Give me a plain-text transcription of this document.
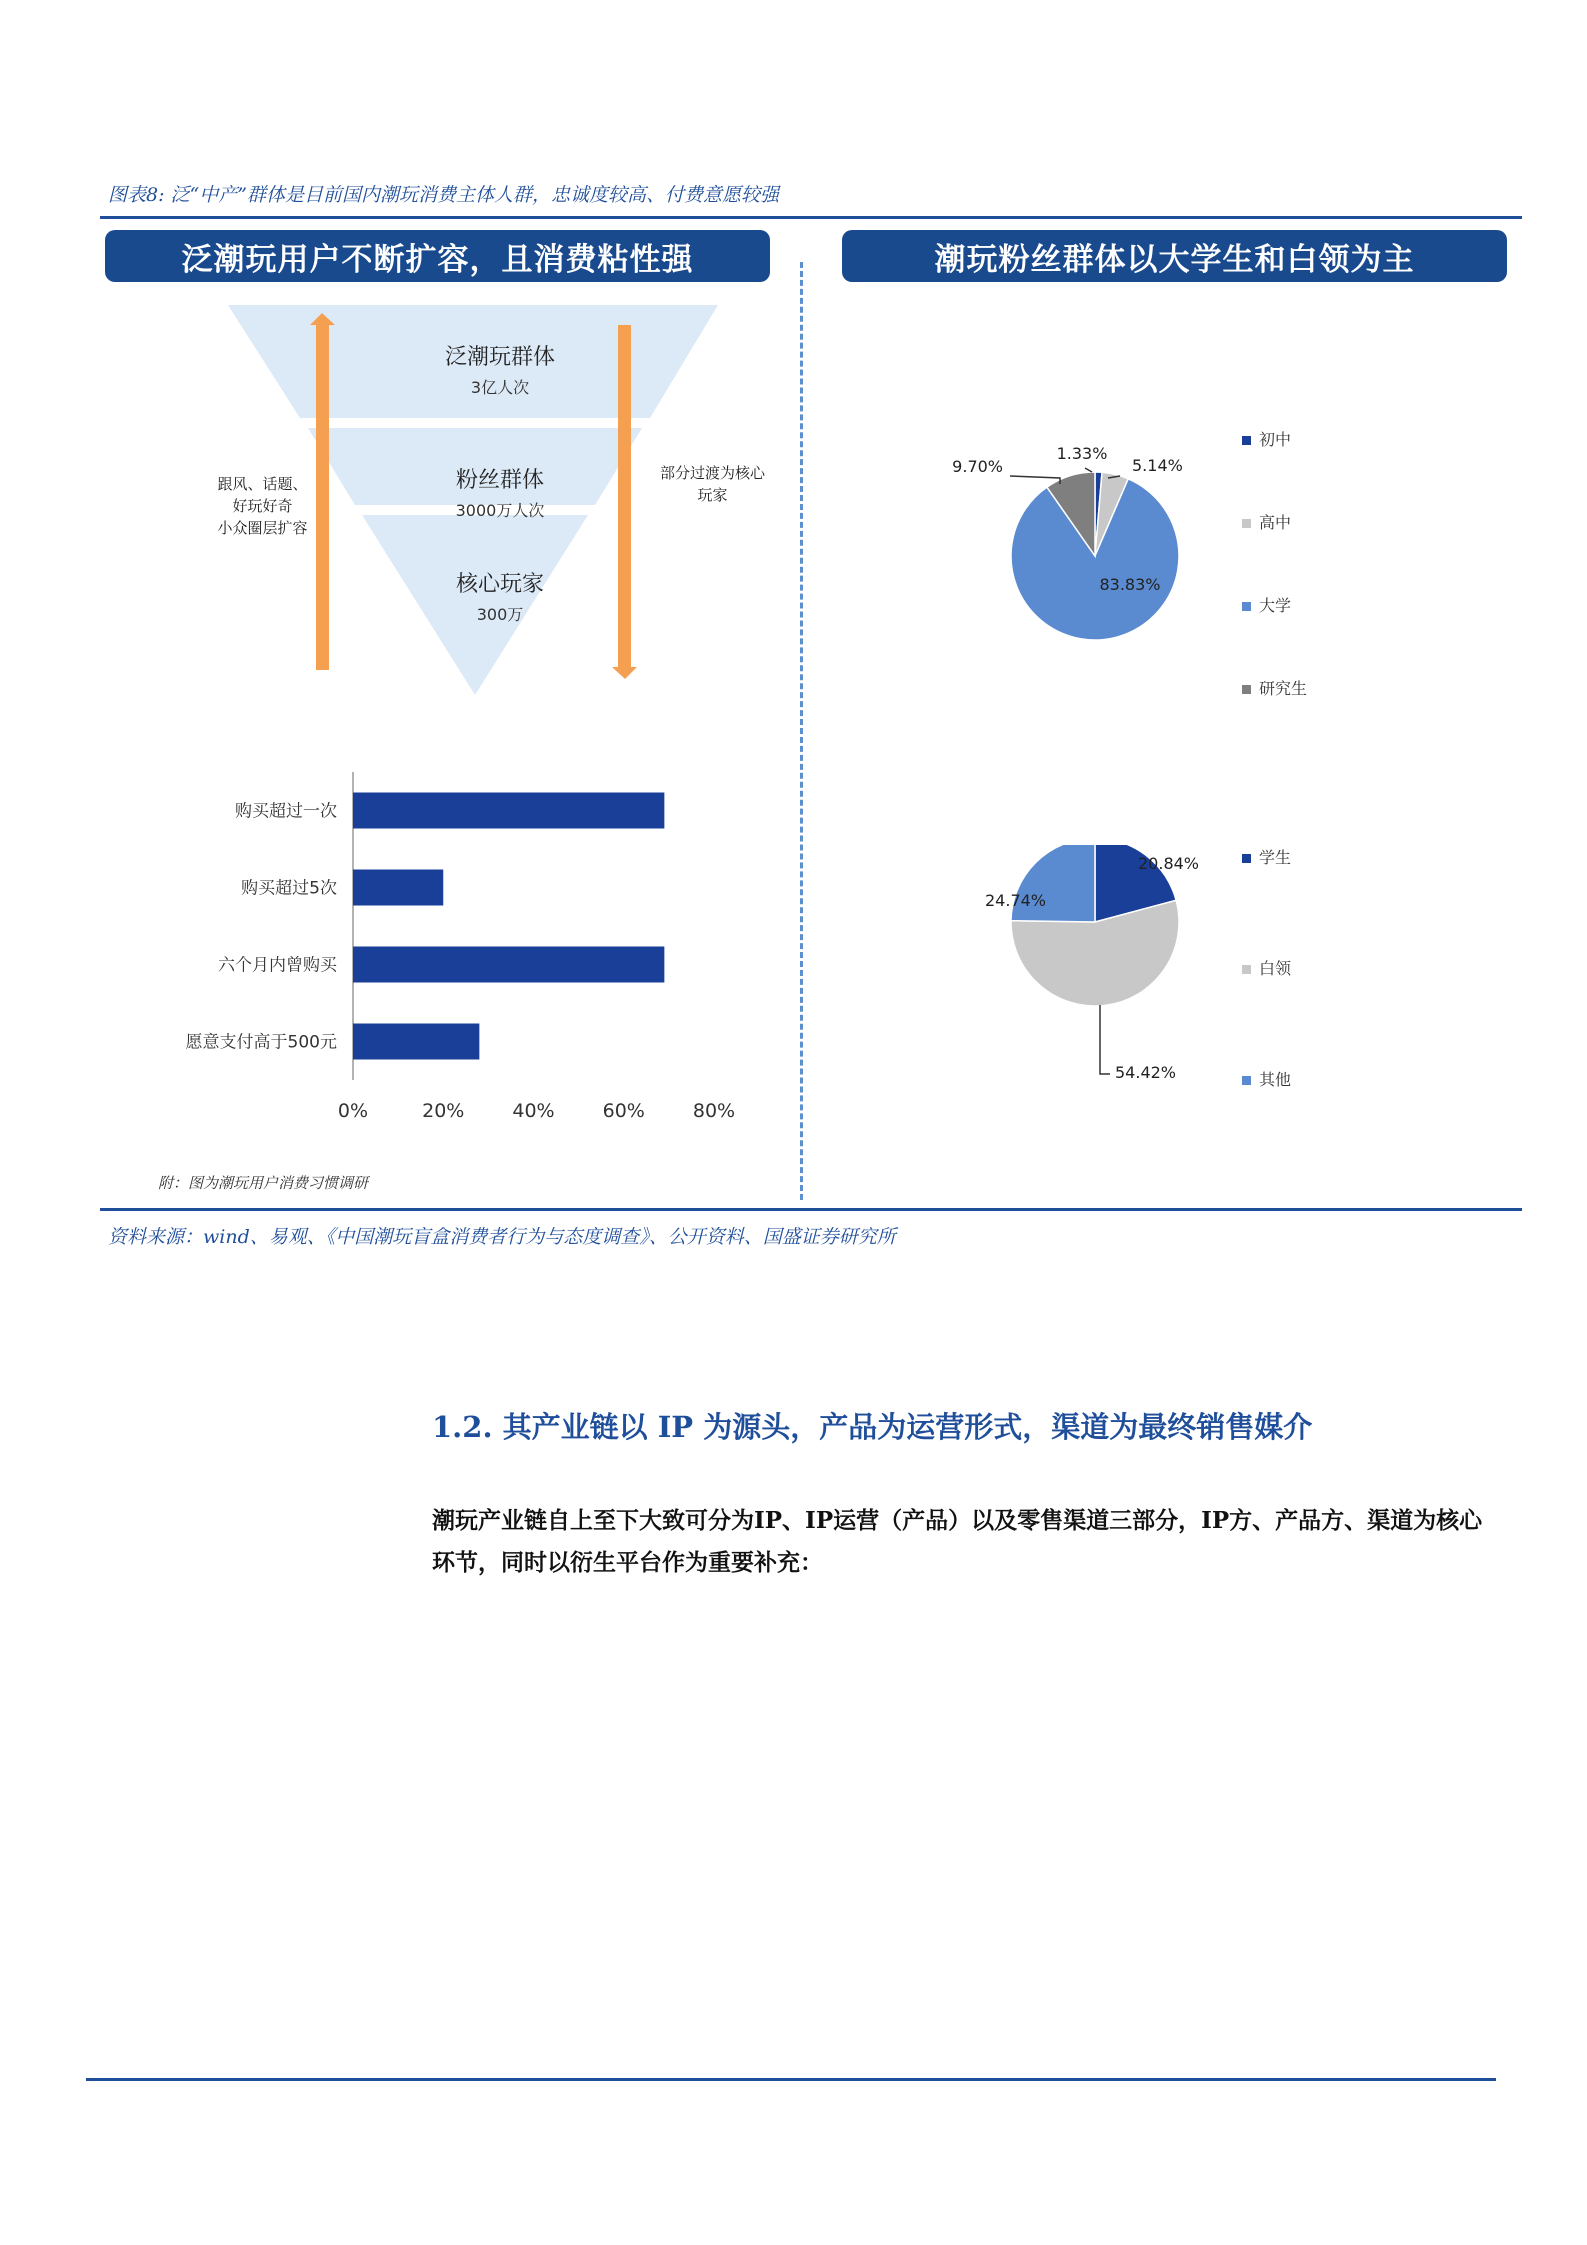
图表8: 泛“中产”群体是目前国内潮玩消费主体人群，忠诚度较高、付费意愿较强
泛潮玩用户不断扩容，且消费粘性强	潮玩粉丝群体以大学生和白领为主
泛潮玩群体
3亿人次
粉丝群体
3000万人次
核心玩家
300万
跟风、话题、
好玩好奇
小众圈层扩容
部分过渡为核心
玩家
购买超过一次
购买超过5次
六个月内曾购买
愿意支付高于500元
0%	20%	40%	60%	80%
附：图为潮玩用户消费习惯调研
1.33%
5.14%
83.83%
9.70%
初中
高中
大学
研究生
20.84%
54.42%
24.74%
学生
白领
其他
资料来源：wind、易观、《中国潮玩盲盒消费者行为与态度调查》、公开资料、国盛证券研究所
1.2. 其产业链以 IP 为源头，产品为运营形式，渠道为最终销售媒介
潮玩产业链自上至下大致可分为IP、IP运营（产品）以及零售渠道三部分，IP方、产品方、渠道为核心环节，同时以衍生平台作为重要补充：
